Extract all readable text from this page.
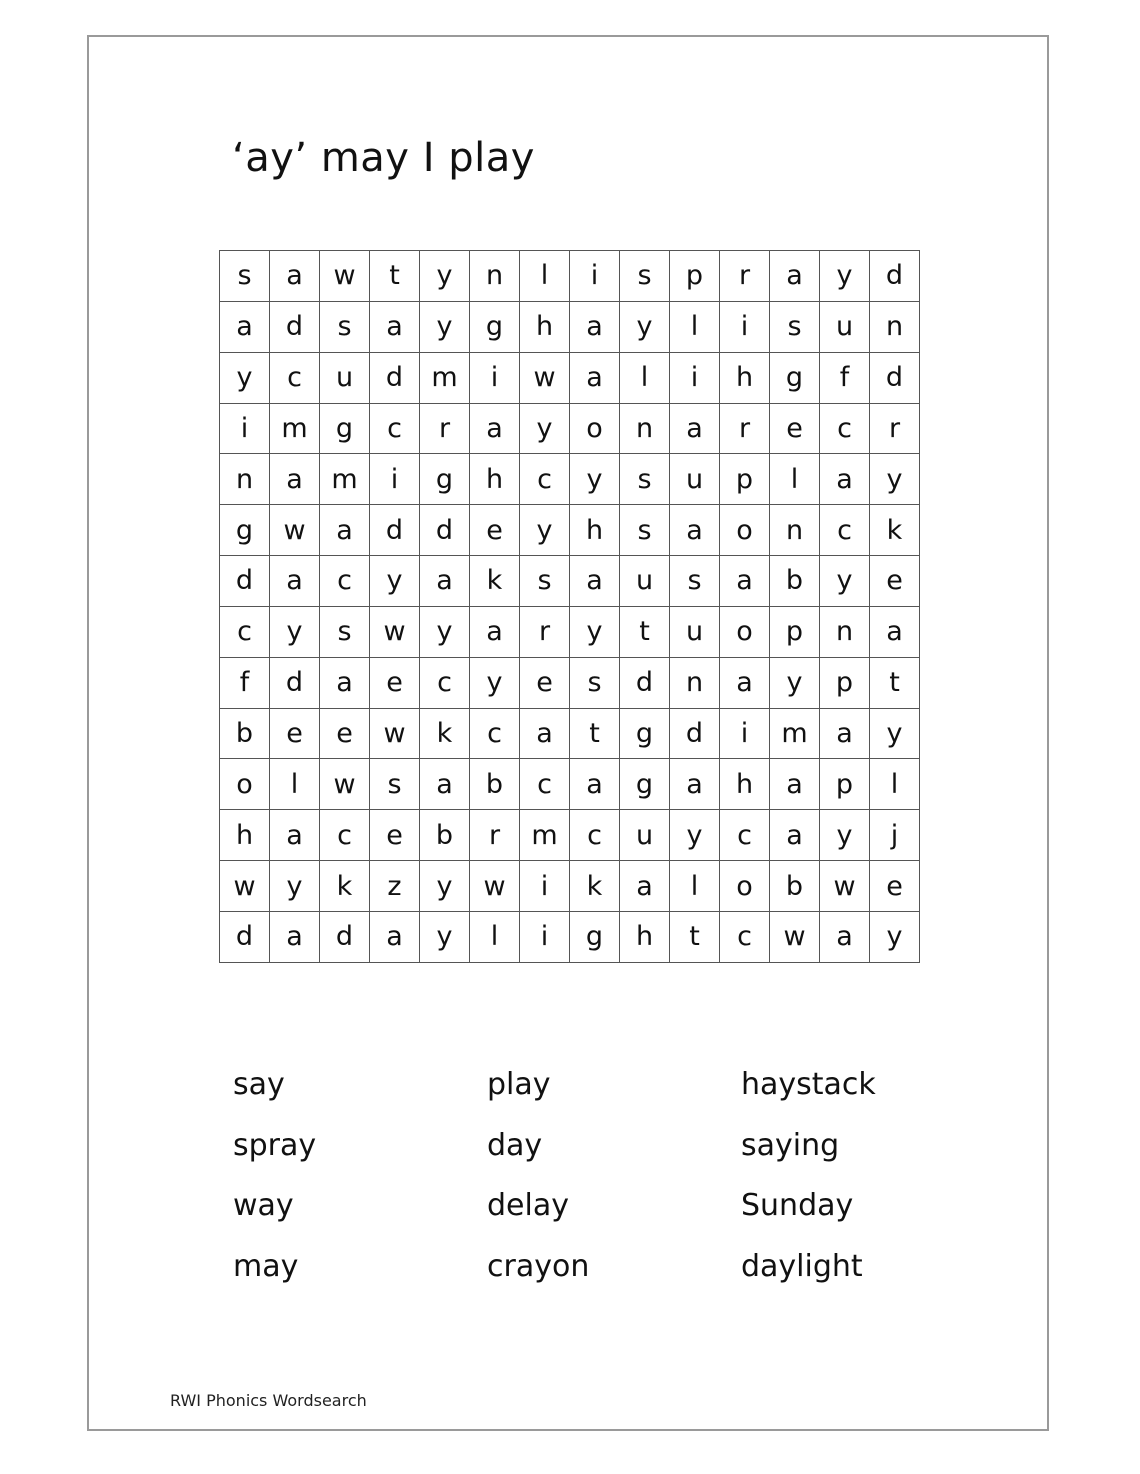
‘ay’ may I play
s	a	w	t	y	n	l	i	s	p	r	a	y	d
a	d	s	a	y	g	h	a	y	l	i	s	u	n
y	c	u	d	m	i	w	a	l	i	h	g	f	d
i	m	g	c	r	a	y	o	n	a	r	e	c	r
n	a	m	i	g	h	c	y	s	u	p	l	a	y
g	w	a	d	d	e	y	h	s	a	o	n	c	k
d	a	c	y	a	k	s	a	u	s	a	b	y	e
c	y	s	w	y	a	r	y	t	u	o	p	n	a
f	d	a	e	c	y	e	s	d	n	a	y	p	t
b	e	e	w	k	c	a	t	g	d	i	m	a	y
o	l	w	s	a	b	c	a	g	a	h	a	p	l
h	a	c	e	b	r	m	c	u	y	c	a	y	j
w	y	k	z	y	w	i	k	a	l	o	b	w	e
d	a	d	a	y	l	i	g	h	t	c	w	a	y
say	play	haystack
spray	day	saying
way	delay	Sunday
may	crayon	daylight
RWI Phonics Wordsearch
